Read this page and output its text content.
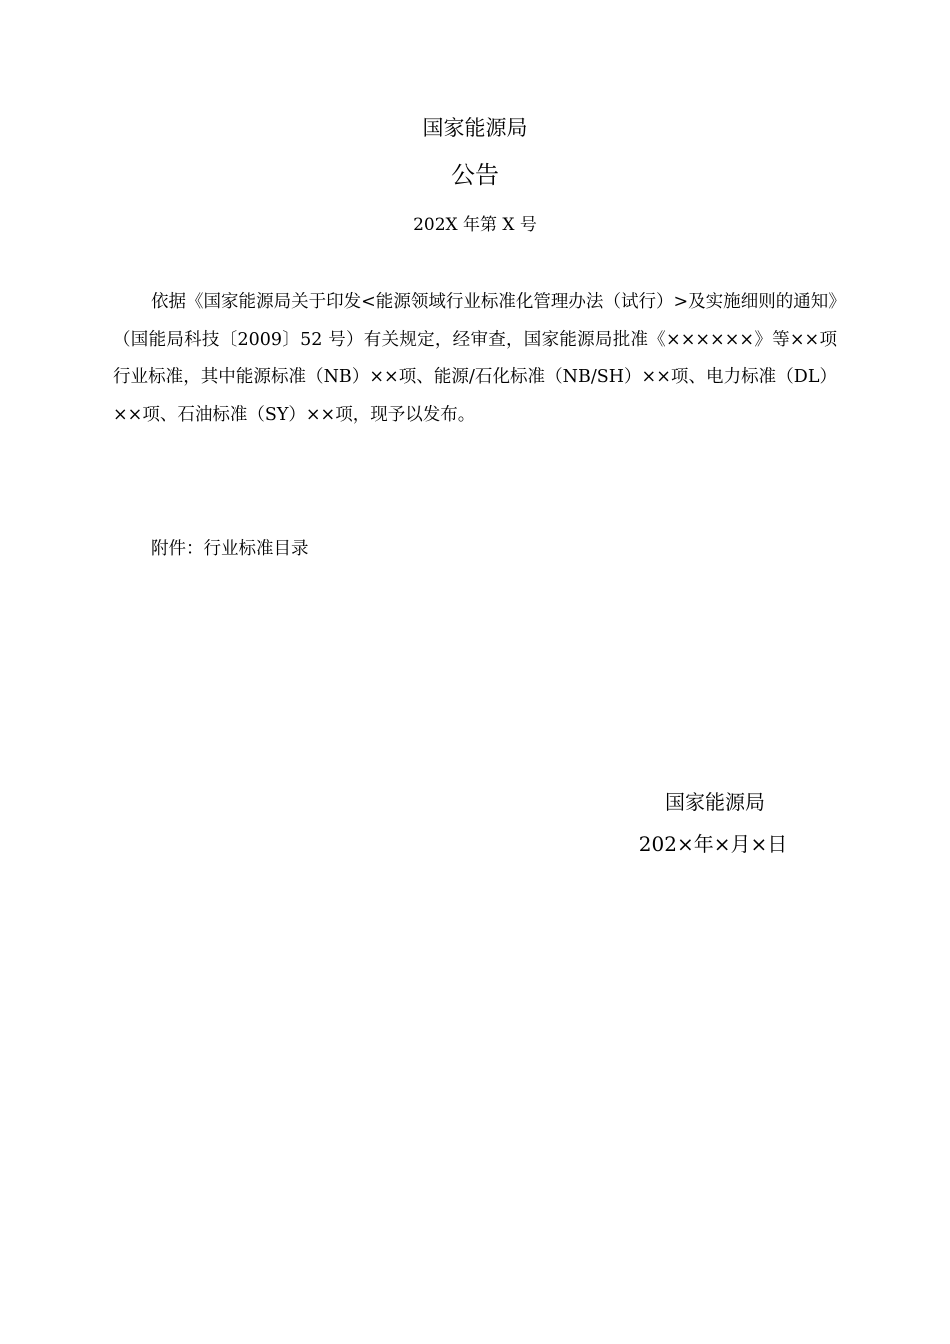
国家能源局
公告
202X 年第 X 号

依据《国家能源局关于印发<能源领域行业标准化管理办法（试行）>及实施细则的通知》（国能局科技〔2009〕52 号）有关规定，经审查，国家能源局批准《××××××》等××项行业标准，其中能源标准（NB）××项、能源/石化标准（NB/SH）××项、电力标准（DL）××项、石油标准（SY）××项，现予以发布。

附件：行业标准目录
国家能源局
202×年×月×日
